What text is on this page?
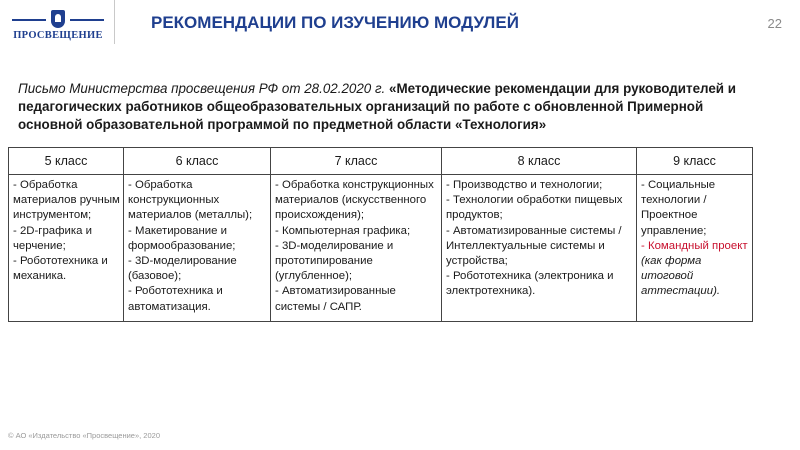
ПРОСВЕЩЕНИЕ
РЕКОМЕНДАЦИИ ПО ИЗУЧЕНИЮ МОДУЛЕЙ	22
Письмо Министерства просвещения РФ от 28.02.2020 г. «Методические рекомендации для руководителей и педагогических работников общеобразовательных организаций по работе с обновленной Примерной основной образовательной программой по предметной области «Технология»
5 класс	6 класс	7 класс	8 класс	9 класс

- Обработка материалов ручным инструментом;
- 2D-графика и черчение;
- Робототехника и механика.	- Обработка конструкционных материалов (металлы);
- Макетирование и формообразование;
- 3D-моделирование (базовое);
- Робототехника и автоматизация.	- Обработка конструкционных материалов (искусственного происхождения);
- Компьютерная графика;
- 3D-моделирование и прототипирование (углубленное);
- Автоматизированные системы / САПР.	- Производство и технологии;
- Технологии обработки пищевых продуктов;
- Автоматизированные системы / Интеллектуальные системы и устройства;
- Робототехника (электроника и электротехника).	- Социальные технологии / Проектное управление;
- Командный проект (как форма итоговой аттестации).
© АО «Издательство «Просвещение», 2020
